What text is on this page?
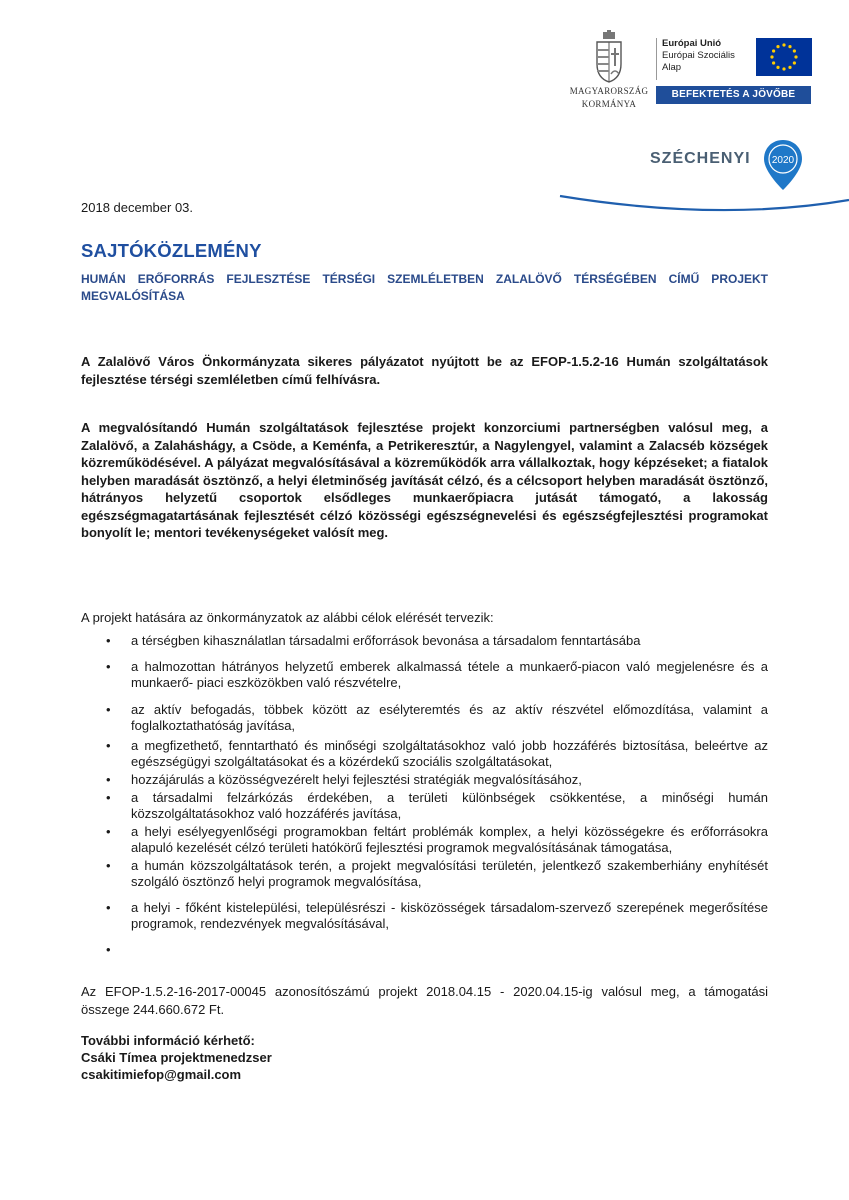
MAGYARORSZÁG
KORMÁNYA
Európai Unió
Európai Szociális
Alap
BEFEKTETÉS A JÖVŐBE
SZÉCHENYI 2020
2018 december 03.
SAJTÓKÖZLEMÉNY
HUMÁN ERŐFORRÁS FEJLESZTÉSE TÉRSÉGI SZEMLÉLETBEN ZALALÖVŐ TÉRSÉGÉBEN CÍMŰ PROJEKT MEGVALÓSÍTÁSA
A Zalalövő Város Önkormányzata sikeres pályázatot nyújtott be az EFOP-1.5.2-16 Humán szolgáltatások fejlesztése térségi szemléletben című felhívásra.
A megvalósítandó Humán szolgáltatások fejlesztése projekt konzorciumi partnerségben valósul meg, a Zalalövő, a Zalaháshágy, a Csöde, a Keménfa, a Petrikeresztúr, a Nagylengyel, valamint a Zalacséb községek közreműködésével. A pályázat megvalósításával a közreműködők arra vállalkoztak, hogy képzéseket; a fiatalok helyben maradását ösztönző, a helyi életminőség javítását célzó, és a célcsoport helyben maradását ösztönző, hátrányos helyzetű csoportok elsődleges munkaerőpiacra jutását támogató, a lakosság egészségmagatartásának fejlesztését célzó közösségi egészségnevelési és egészségfejlesztési programokat bonyolít le; mentori tevékenységeket valósít meg.
A projekt hatására az önkormányzatok az alábbi célok elérését tervezik:
• a térségben kihasználatlan társadalmi erőforrások bevonása a társadalom fenntartásába
• a halmozottan hátrányos helyzetű emberek alkalmassá tétele a munkaerő-piacon való megjelenésre és a munkaerő- piaci eszközökben való részvételre,
• az aktív befogadás, többek között az esélyteremtés és az aktív részvétel előmozdítása, valamint a foglalkoztathatóság javítása,
• a megfizethető, fenntartható és minőségi szolgáltatásokhoz való jobb hozzáférés biztosítása, beleértve az egészségügyi szolgáltatásokat és a közérdekű szociális szolgáltatásokat,
• hozzájárulás a közösségvezérelt helyi fejlesztési stratégiák megvalósításához,
• a társadalmi felzárkózás érdekében, a területi különbségek csökkentése, a minőségi humán közszolgáltatásokhoz való hozzáférés javítása,
• a helyi esélyegyenlőségi programokban feltárt problémák komplex, a helyi közösségekre és erőforrásokra alapuló kezelését célzó területi hatókörű fejlesztési programok megvalósításának támogatása,
• a humán közszolgáltatások terén, a projekt megvalósítási területén, jelentkező szakemberhiány enyhítését szolgáló ösztönző helyi programok megvalósítása,
• a helyi - főként kistelepülési, településrészi - kisközösségek társadalom-szervező szerepének megerősítése programok, rendezvények megvalósításával,
•
Az EFOP-1.5.2-16-2017-00045 azonosítószámú projekt 2018.04.15 - 2020.04.15-ig valósul meg, a támogatási összege 244.660.672 Ft.
További információ kérhető:
Csáki Tímea projektmenedzser
csakitimiefop@gmail.com
